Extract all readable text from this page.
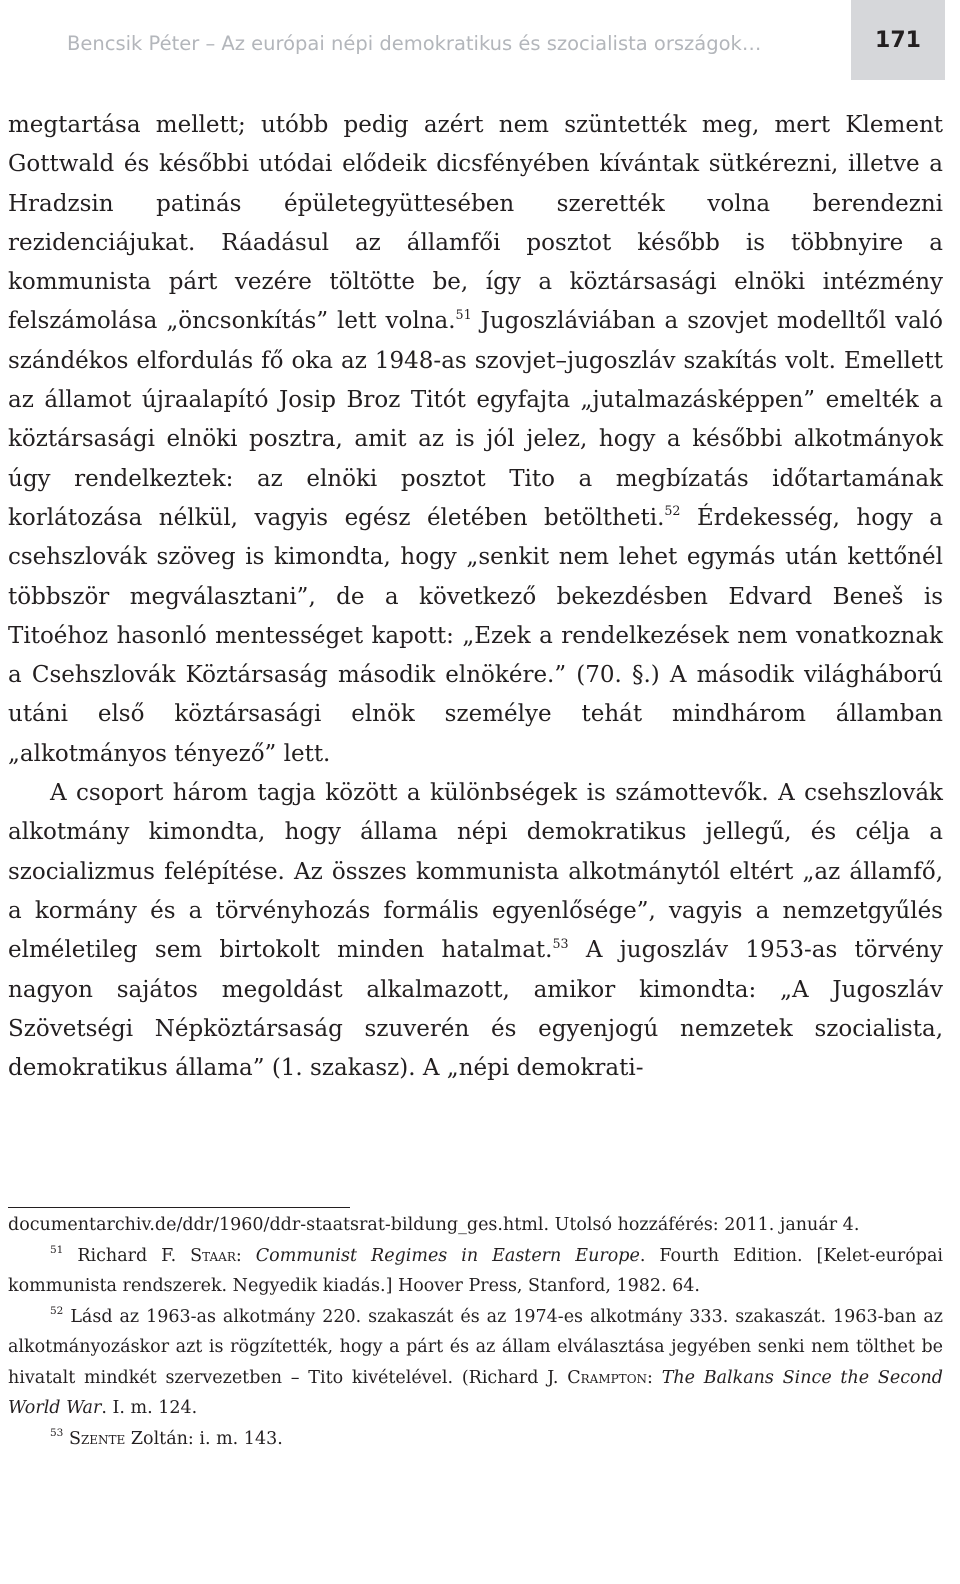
Bencsik Péter – Az európai népi demokratikus és szocialista országok…	171

megtartása mellett; utóbb pedig azért nem szüntették meg, mert Klement Gottwald és későbbi utódai elődeik dicsfényében kívántak sütkérezni, illetve a Hradzsin patinás épületegyüttesében szerették volna berendezni rezidenciájukat. Ráadásul az államfői posztot később is többnyire a kommunista párt vezére töltötte be, így a köztársasági elnöki intézmény felszámolása „öncsonkítás” lett volna.$^{51}$ Jugoszláviában a szovjet modelltől való szándékos elfordulás fő oka az 1948-as szovjet–jugoszláv szakítás volt. Emellett az államot újraalapító Josip Broz Titót egyfajta „jutalmazásképpen” emelték a köztársasági elnöki posztra, amit az is jól jelez, hogy a későbbi alkotmányok úgy rendelkeztek: az elnöki posztot Tito a megbízatás időtartamának korlátozása nélkül, vagyis egész életében betöltheti.$^{52}$ Érdekesség, hogy a csehszlovák szöveg is kimondta, hogy „senkit nem lehet egymás után kettőnél többször megválasztani”, de a következő bekezdésben Edvard Beneš is Titoéhoz hasonló mentességet kapott: „Ezek a rendelkezések nem vonatkoznak a Csehszlovák Köztársaság második elnökére.” (70. §.) A második világháború utáni első köztársasági elnök személye tehát mindhárom államban „alkotmányos tényező” lett.

A csoport három tagja között a különbségek is számottevők. A csehszlovák alkotmány kimondta, hogy állama népi demokratikus jellegű, és célja a szocializmus felépítése. Az összes kommunista alkotmánytól eltért „az államfő, a kormány és a törvényhozás formális egyenlősége”, vagyis a nemzetgyűlés elméletileg sem birtokolt minden hatalmat.$^{53}$ A jugoszláv 1953-as törvény nagyon sajátos megoldást alkalmazott, amikor kimondta: „A Jugoszláv Szövetségi Népköztársaság szuverén és egyenjogú nemzetek szocialista, demokratikus állama” (1. szakasz). A „népi demokrati-

documentarchiv.de/ddr/1960/ddr-staatsrat-bildung_ges.html. Utolsó hozzáférés: 2011. január 4.

$^{51}$ Richard F. Staar: Communist Regimes in Eastern Europe. Fourth Edition. [Kelet-európai kommunista rendszerek. Negyedik kiadás.] Hoover Press, Stanford, 1982. 64.

$^{52}$ Lásd az 1963-as alkotmány 220. szakaszát és az 1974-es alkotmány 333. szakaszát. 1963-ban az alkotmányozáskor azt is rögzítették, hogy a párt és az állam elválasztása jegyében senki nem tölthet be hivatalt mindkét szervezetben – Tito kivételével. (Richard J. Crampton: The Balkans Since the Second World War. I. m. 124.

$^{53}$ Szente Zoltán: i. m. 143.
